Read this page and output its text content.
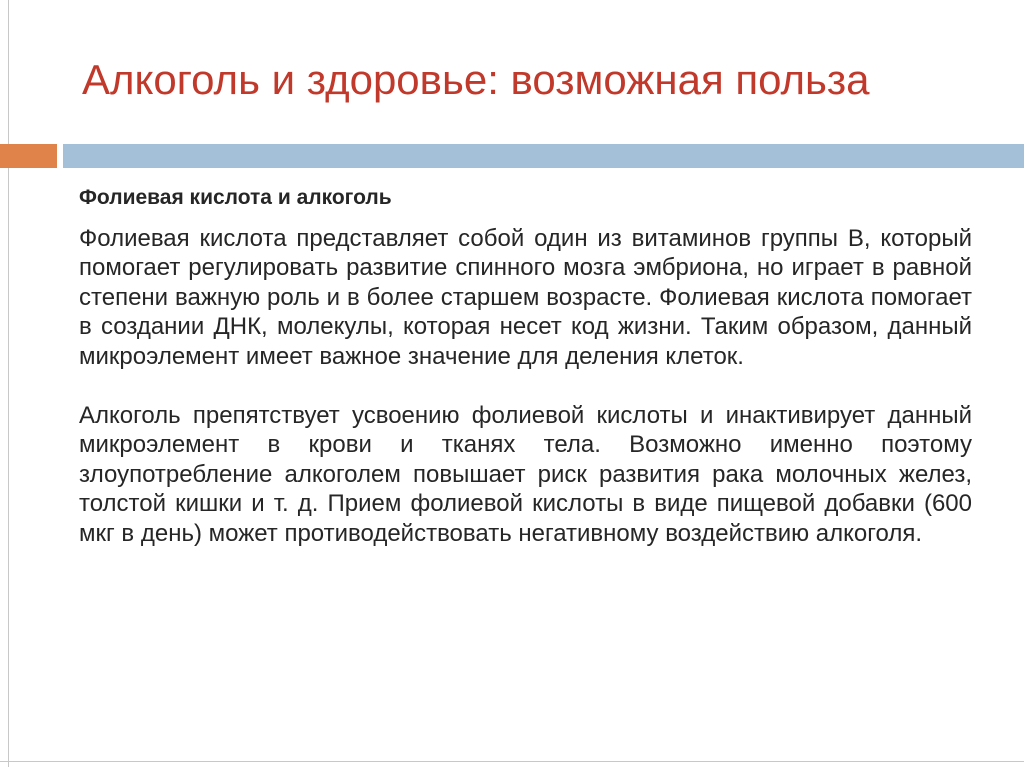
Алкоголь и здоровье: возможная польза

Фолиевая кислота и алкоголь

Фолиевая кислота представляет собой один из витаминов группы В, который помогает регулировать развитие спинного мозга эмбриона, но играет в равной степени важную роль и в более старшем возрасте. Фолиевая кислота помогает в создании ДНК, молекулы, которая несет код жизни. Таким образом, данный микроэлемент имеет важное значение для деления клеток.

Алкоголь препятствует усвоению фолиевой кислоты и инактивирует данный микроэлемент в крови и тканях тела. Возможно именно поэтому злоупотребление алкоголем повышает риск развития рака молочных желез, толстой кишки и т. д. Прием фолиевой кислоты в виде пищевой добавки (600 мкг в день) может противодействовать негативному воздействию алкоголя.
